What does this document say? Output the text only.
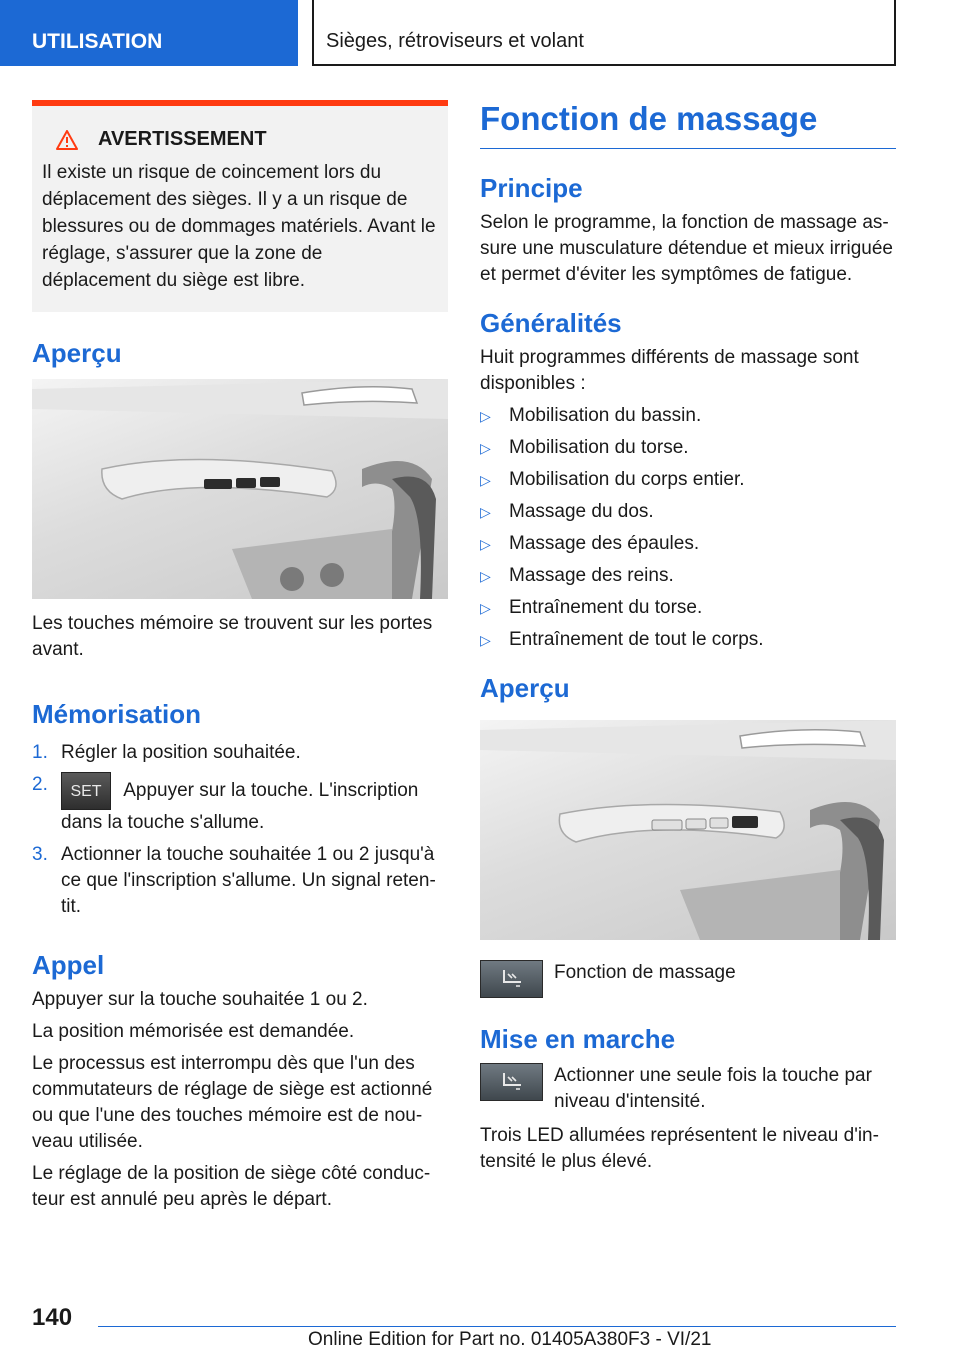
UTILISATION	Sièges, rétroviseurs et volant
AVERTISSEMENT
Il existe un risque de coincement lors du déplacement des sièges. Il y a un risque de blessures ou de dommages matériels. Avant le réglage, s'assurer que la zone de déplacement du siège est libre.
Aperçu

Les touches mémoire se trouvent sur les portes avant.

Mémorisation
1. Régler la position souhaitée.
2.	SET Appuyer sur la touche. L'inscription dans la touche s'allume.
3. Actionner la touche souhaitée 1 ou 2 jusqu'à ce que l'inscription s'allume. Un signal retentit.
Appel

Appuyer sur la touche souhaitée 1 ou 2.

La position mémorisée est demandée.

Le processus est interrompu dès que l'un des commutateurs de réglage de siège est actionné ou que l'une des touches mémoire est de nouveau utilisée.

Le réglage de la position de siège côté conducteur est annulé peu après le départ.

Fonction de massage
Principe

Selon le programme, la fonction de massage assure une musculature détendue et mieux irriguée et permet d'éviter les symptômes de fatigue.

Généralités

Huit programmes différents de massage sont disponibles :

▷ Mobilisation du bassin.
▷ Mobilisation du torse.
▷ Mobilisation du corps entier.
▷ Massage du dos.
▷ Massage des épaules.
▷ Massage des reins.
▷ Entraînement du torse.
▷ Entraînement de tout le corps.
Aperçu

Fonction de massage

Mise en marche

Actionner une seule fois la touche par niveau d'intensité.

Trois LED allumées représentent le niveau d'intensité le plus élevé.

140
Online Edition for Part no. 01405A380F3 - VI/21
